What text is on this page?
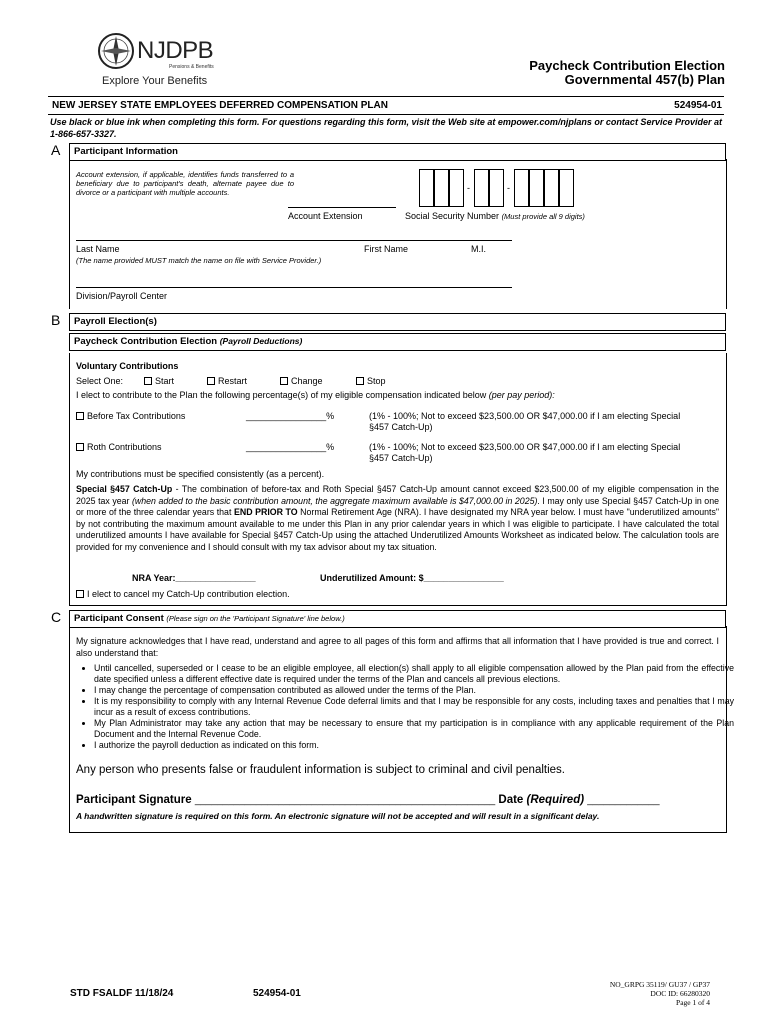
NJDPB
Pensions & Benefits
Explore Your Benefits
Paycheck Contribution Election
Governmental 457(b) Plan
NEW JERSEY STATE EMPLOYEES DEFERRED COMPENSATION PLAN	524954-01
Use black or blue ink when completing this form. For questions regarding this form, visit the Web site at empower.com/njplans or contact Service Provider at 1-866-657-3327.
A Participant Information
Account extension, if applicable, identifies funds transferred to a beneficiary due to participant's death, alternate payee due to divorce or a participant with multiple accounts.
Account Extension
-	-
Social Security Number (Must provide all 9 digits)
Last Name	First Name	M.I.
(The name provided MUST match the name on file with Service Provider.)
Division/Payroll Center
B Payroll Election(s)
Paycheck Contribution Election (Payroll Deductions)
Voluntary Contributions
Select One:	Start	Restart	Change	Stop
I elect to contribute to the Plan the following percentage(s) of my eligible compensation indicated below (per pay period):
Before Tax Contributions	________________%	(1% - 100%; Not to exceed $23,500.00 OR $47,000.00 if I am electing Special
§457 Catch-Up)
Roth Contributions	________________%	(1% - 100%; Not to exceed $23,500.00 OR $47,000.00 if I am electing Special
§457 Catch-Up)
My contributions must be specified consistently (as a percent).
Special §457 Catch-Up - The combination of before-tax and Roth Special §457 Catch-Up amount cannot exceed $23,500.00 of my eligible compensation in the 2025 tax year (when added to the basic contribution amount, the aggregate maximum available is $47,000.00 in 2025). I may only use Special §457 Catch-Up in one or more of the three calendar years that END PRIOR TO Normal Retirement Age (NRA). I have designated my NRA year below. I must have "underutilized amounts" by not contributing the maximum amount available to me under this Plan in any prior calendar years in which I was eligible to participate. I have calculated the total underutilized amounts I have available for Special §457 Catch-Up using the attached Underutilized Amounts Worksheet as indicated below. The calculation tools are provided for my convenience and I should consult with my tax advisor about my tax situation.
NRA Year:________________	Underutilized Amount: $________________
I elect to cancel my Catch-Up contribution election.
C Participant Consent (Please sign on the 'Participant Signature' line below.)
My signature acknowledges that I have read, understand and agree to all pages of this form and affirms that all information that I have provided is true and correct. I also understand that:
• Until cancelled, superseded or I cease to be an eligible employee, all election(s) shall apply to all eligible compensation allowed by the Plan paid from the effective date specified unless a different effective date is required under the terms of the Plan and cancels all previous elections.
• I may change the percentage of compensation contributed as allowed under the terms of the Plan.
• It is my responsibility to comply with any Internal Revenue Code deferral limits and that I may be responsible for any costs, including taxes and penalties that I may incur as a result of excess contributions.
• My Plan Administrator may take any action that may be necessary to ensure that my participation is in compliance with any applicable requirement of the Plan Document and the Internal Revenue Code.
• I authorize the payroll deduction as indicated on this form.
Any person who presents false or fraudulent information is subject to criminal and civil penalties.
Participant Signature ______________________________________________________ Date (Required) _____________
A handwritten signature is required on this form. An electronic signature will not be accepted and will result in a significant delay.
STD FSALDF 11/18/24	524954-01
NO_GRPG 35119/ GU37 / GP37
DOC ID: 66280320
Page 1 of 4
